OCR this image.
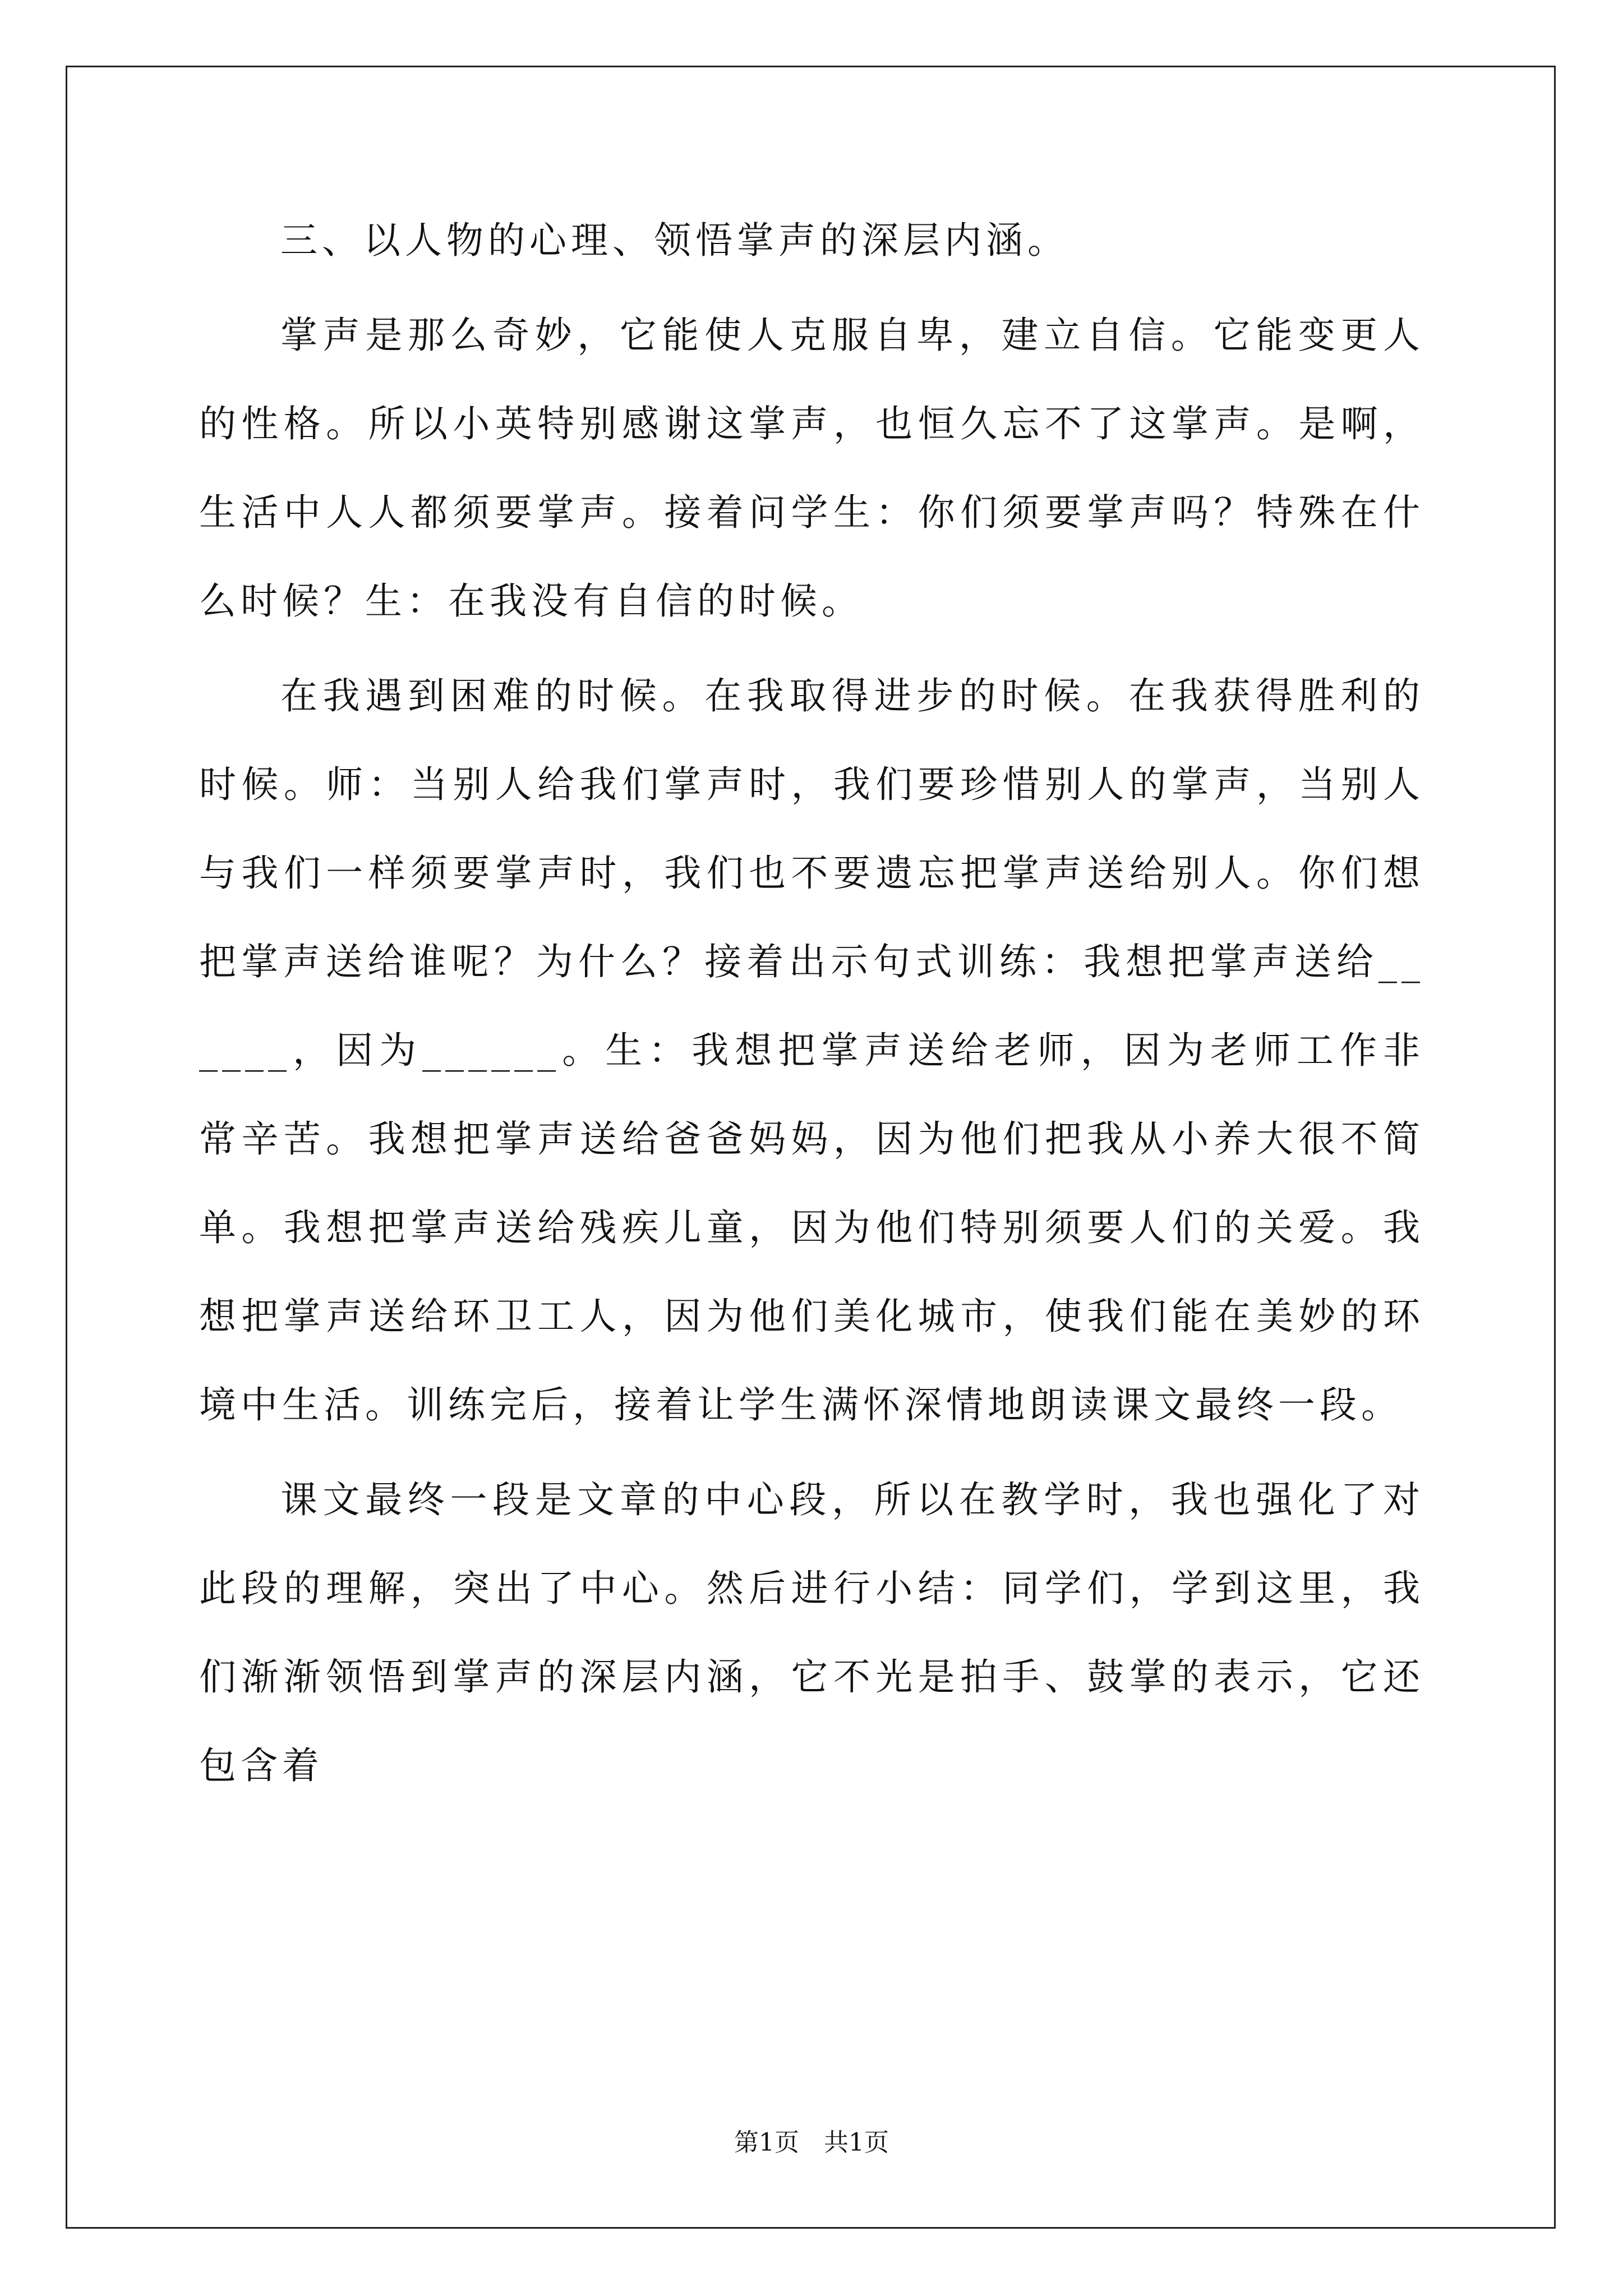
三、以人物的心理、领悟掌声的深层内涵。

掌声是那么奇妙，它能使人克服自卑，建立自信。它能变更人的性格。所以小英特别感谢这掌声，也恒久忘不了这掌声。是啊，生活中人人都须要掌声。接着问学生：你们须要掌声吗？特殊在什么时候？生：在我没有自信的时候。

在我遇到困难的时候。在我取得进步的时候。在我获得胜利的时候。师：当别人给我们掌声时，我们要珍惜别人的掌声，当别人与我们一样须要掌声时，我们也不要遗忘把掌声送给别人。你们想把掌声送给谁呢？为什么？接着出示句式训练：我想把掌声送给______，因为______。生：我想把掌声送给老师，因为老师工作非常辛苦。我想把掌声送给爸爸妈妈，因为他们把我从小养大很不简单。我想把掌声送给残疾儿童，因为他们特别须要人们的关爱。我想把掌声送给环卫工人，因为他们美化城市，使我们能在美妙的环境中生活。训练完后，接着让学生满怀深情地朗读课文最终一段。

课文最终一段是文章的中心段，所以在教学时，我也强化了对此段的理解，突出了中心。然后进行小结：同学们，学到这里，我们渐渐领悟到掌声的深层内涵，它不光是拍手、鼓掌的表示，它还包含着

第1页 共1页
